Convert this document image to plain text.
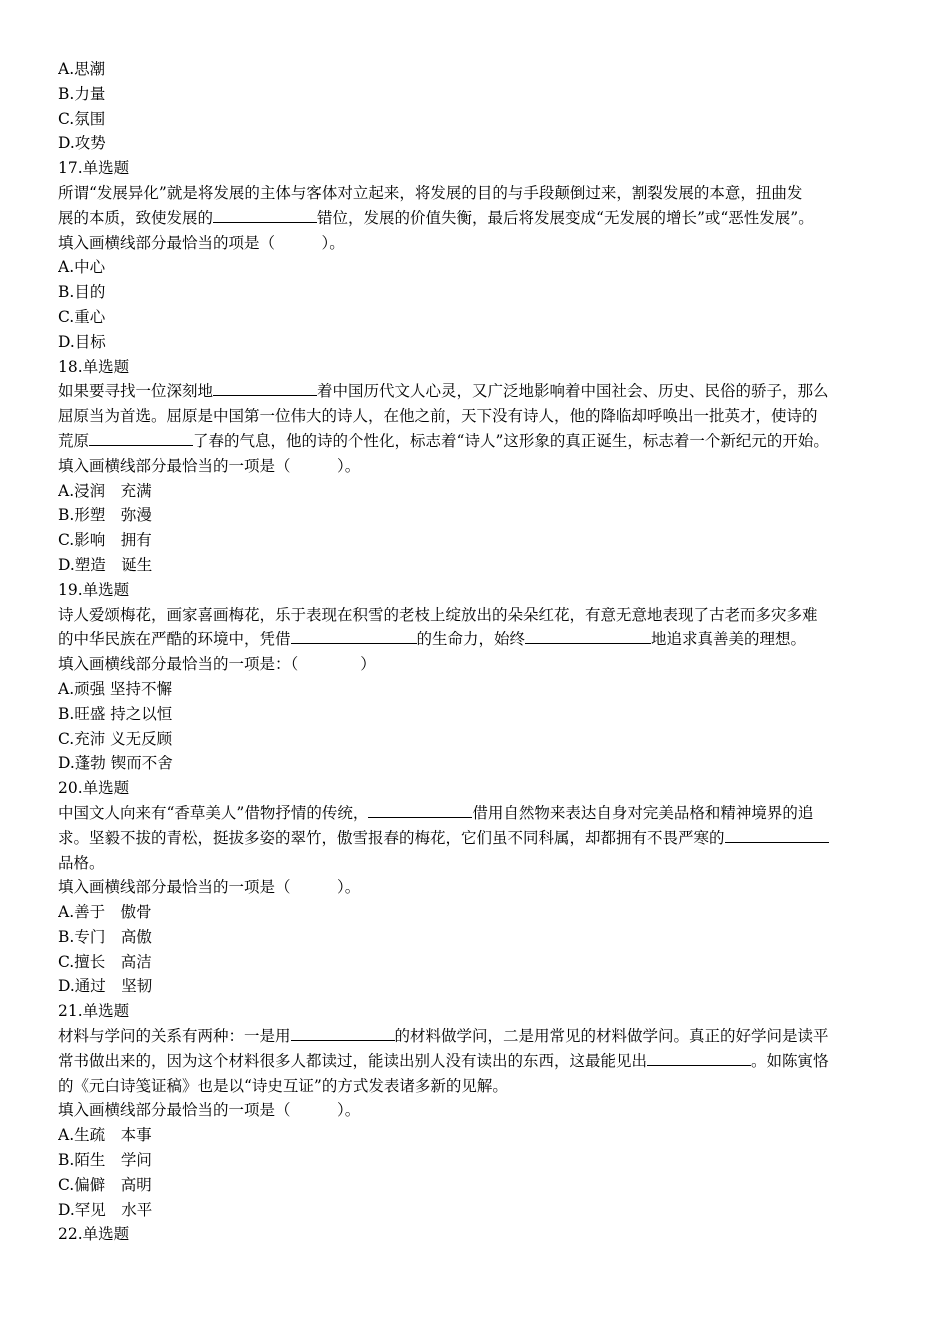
A.思潮
B.力量
C.氛围
D.攻势
17.单选题
所谓“发展异化”就是将发展的主体与客体对立起来，将发展的目的与手段颠倒过来，割裂发展的本意，扭曲发
展的本质，致使发展的	错位，发展的价值失衡，最后将发展变成“无发展的增长”或“恶性发展”。
填入画横线部分最恰当的项是（　　　）。
A.中心
B.目的
C.重心
D.目标
18.单选题
如果要寻找一位深刻地	着中国历代文人心灵，又广泛地影响着中国社会、历史、民俗的骄子，那么
屈原当为首选。屈原是中国第一位伟大的诗人，在他之前，天下没有诗人，他的降临却呼唤出一批英才，使诗的
荒原	了春的气息，他的诗的个性化，标志着“诗人”这形象的真正诞生，标志着一个新纪元的开始。
填入画横线部分最恰当的一项是（　　　）。
A.浸润　充满
B.形塑　弥漫
C.影响　拥有
D.塑造　诞生
19.单选题
诗人爱颂梅花，画家喜画梅花，乐于表现在积雪的老枝上绽放出的朵朵红花，有意无意地表现了古老而多灾多难
的中华民族在严酷的环境中，凭借	的生命力，始终	地追求真善美的理想。
填入画横线部分最恰当的一项是：（　　　　）
A.顽强 坚持不懈
B.旺盛 持之以恒
C.充沛 义无反顾
D.蓬勃 锲而不舍
20.单选题
中国文人向来有“香草美人”借物抒情的传统，	借用自然物来表达自身对完美品格和精神境界的追
求。坚毅不拔的青松，挺拔多姿的翠竹，傲雪报春的梅花，它们虽不同科属，却都拥有不畏严寒的
品格。
填入画横线部分最恰当的一项是（　　　）。
A.善于　傲骨
B.专门　高傲
C.擅长　高洁
D.通过　坚韧
21.单选题
材料与学问的关系有两种：一是用	的材料做学问，二是用常见的材料做学问。真正的好学问是读平
常书做出来的，因为这个材料很多人都读过，能读出别人没有读出的东西，这最能见出	。如陈寅恪
的《元白诗笺证稿》也是以“诗史互证”的方式发表诸多新的见解。
填入画横线部分最恰当的一项是（　　　）。
A.生疏　本事
B.陌生　学问
C.偏僻　高明
D.罕见　水平
22.单选题
